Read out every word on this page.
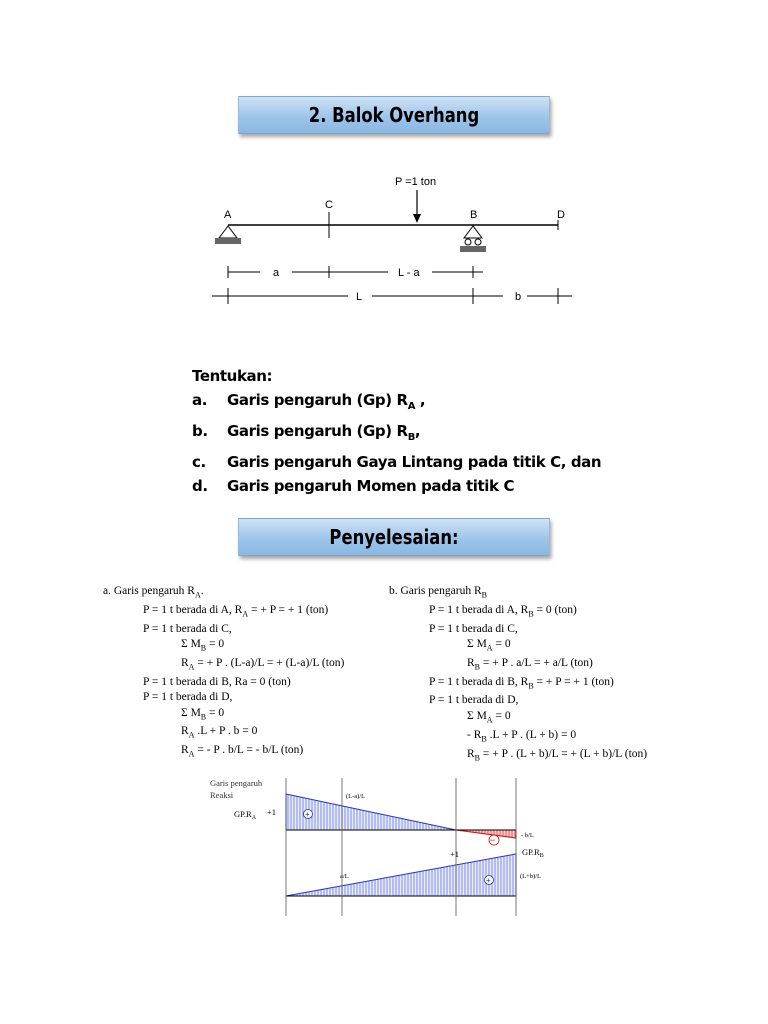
2. Balok Overhang
P =1 ton
A
C
B	D
a	L - a
L	b
Tentukan:
a.	Garis pengaruh (Gp) $R_A$ ,
b.	Garis pengaruh (Gp) $R_B$,
c.	Garis pengaruh Gaya Lintang pada titik C, dan
d.	Garis pengaruh Momen pada titik C
Penyelesaian:
a. Garis pengaruh $R_A$.
P = 1 t berada di A, $R_A$ = + P = + 1 (ton)
P = 1 t berada di C,
Σ $M_B = 0$
$R_A$ = + P . (L-a)/L = + (L-a)/L (ton)
P = 1 t berada di B, Ra = 0 (ton)
P = 1 t berada di D,
Σ $M_B = 0$
$R_A$ .L + P . b = 0
$R_A$ = - P . b/L = - b/L (ton)
b. Garis pengaruh $R_B$
P = 1 t berada di A, $R_B = 0$ (ton)
P = 1 t berada di C,
Σ $M_A = 0$
$R_B$ = + P . a/L = + a/L (ton)
P = 1 t berada di B, $R_B$ = + P = + 1 (ton)
P = 1 t berada di D,
Σ $M_A = 0$
- $R_B$ .L + P . (L + b) = 0
$R_B$ = + P . (L + b)/L = + (L + b)/L (ton)
Garis pengaruh
Reaksi
$GP.R_A$
+1
(L-a)/L
- b/L
+
−
$GP.R_B$
+1
a/L	(L+b)/L
+
